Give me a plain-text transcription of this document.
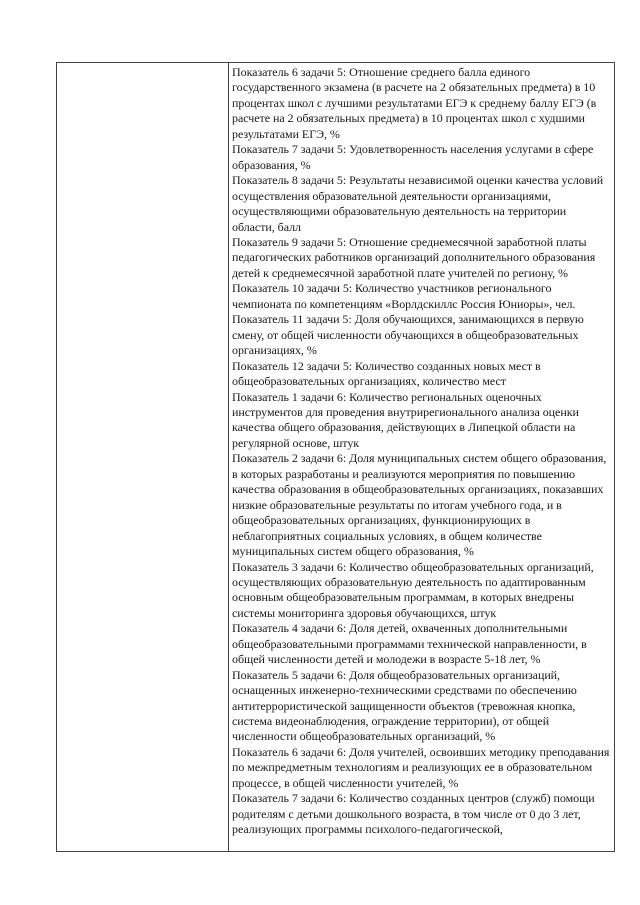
Показатель 6 задачи 5: Отношение среднего балла единого государственного экзамена (в расчете на 2 обязательных предмета) в 10 процентах школ с лучшими результатами ЕГЭ к среднему баллу ЕГЭ (в расчете на 2 обязательных предмета) в 10 процентах школ с худшими результатами ЕГЭ, %

Показатель 7 задачи 5: Удовлетворенность населения услугами в сфере образования, %

Показатель 8 задачи 5: Результаты независимой оценки качества условий осуществления образовательной деятельности организациями, осуществляющими образовательную деятельность на территории области, балл

Показатель 9 задачи 5: Отношение среднемесячной заработной платы педагогических работников организаций дополнительного образования детей к среднемесячной заработной плате учителей по региону, %

Показатель 10 задачи 5: Количество участников регионального чемпионата по компетенциям «Ворлдскиллс Россия Юниоры», чел.

Показатель 11 задачи 5: Доля обучающихся, занимающихся в первую смену, от общей численности обучающихся в общеобразовательных организациях, %

Показатель 12 задачи 5: Количество созданных новых мест в общеобразовательных организациях, количество мест

Показатель 1 задачи 6: Количество региональных оценочных инструментов для проведения внутрирегионального анализа оценки качества общего образования, действующих в Липецкой области на регулярной основе, штук

Показатель 2 задачи 6: Доля муниципальных систем общего образования, в которых разработаны и реализуются мероприятия по повышению качества образования в общеобразовательных организациях, показавших низкие образовательные результаты по итогам учебного года, и в общеобразовательных организациях, функционирующих в неблагоприятных социальных условиях, в общем количестве муниципальных систем общего образования, %

Показатель 3 задачи 6: Количество общеобразовательных организаций, осуществляющих образовательную деятельность по адаптированным основным общеобразовательным программам, в которых внедрены системы мониторинга здоровья обучающихся, штук

Показатель 4 задачи 6: Доля детей, охваченных дополнительными общеобразовательными программами технической направленности, в общей численности детей и молодежи в возрасте 5-18 лет, %

Показатель 5 задачи 6: Доля общеобразовательных организаций, оснащенных инженерно-техническими средствами по обеспечению антитеррористической защищенности объектов (тревожная кнопка, система видеонаблюдения, ограждение территории), от общей численности общеобразовательных организаций, %

Показатель 6 задачи 6: Доля учителей, освоивших методику преподавания по межпредметным технологиям и реализующих ее в образовательном процессе, в общей численности учителей, %

Показатель 7 задачи 6: Количество созданных центров (служб) помощи родителям с детьми дошкольного возраста, в том числе от 0 до 3 лет, реализующих программы психолого-педагогической,
